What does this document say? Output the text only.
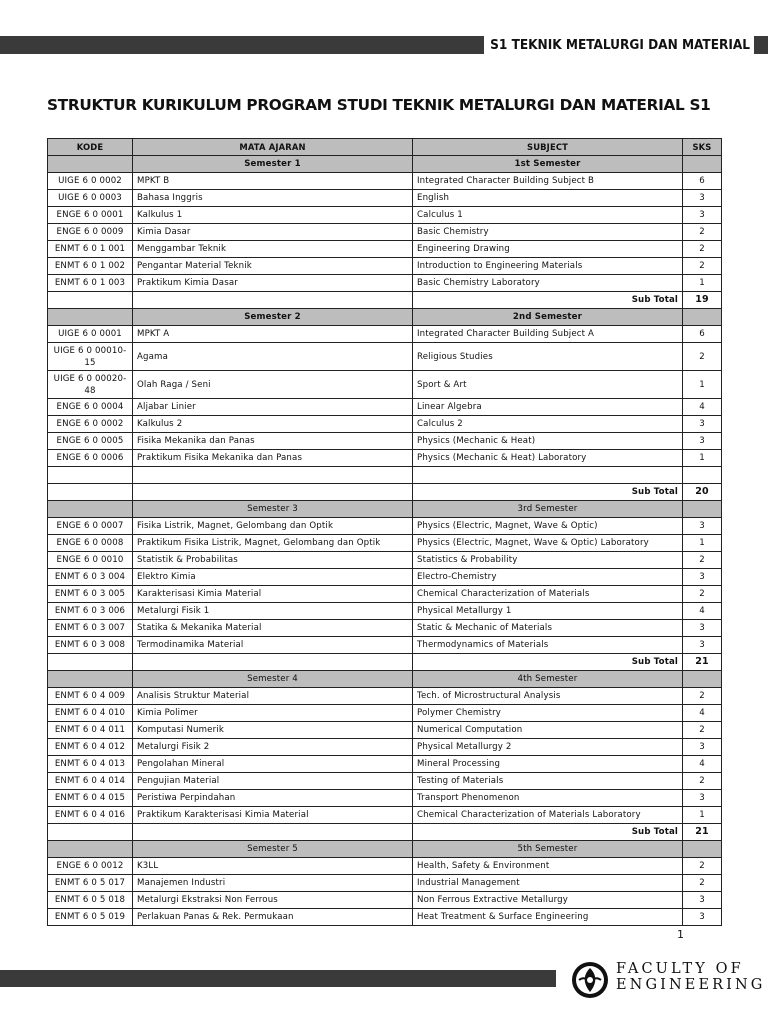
S1 TEKNIK METALURGI DAN MATERIAL
STRUKTUR KURIKULUM PROGRAM STUDI TEKNIK METALURGI DAN MATERIAL S1
KODE	MATA AJARAN	SUBJECT	SKS
	Semester 1	1st Semester	
UIGE 6 0 0002	MPKT B	Integrated Character Building Subject B	6
UIGE 6 0 0003	Bahasa Inggris	English	3
ENGE 6 0 0001	Kalkulus 1	Calculus 1	3
ENGE 6 0 0009	Kimia Dasar	Basic Chemistry	2
ENMT 6 0 1 001	Menggambar Teknik	Engineering Drawing	2
ENMT 6 0 1 002	Pengantar Material Teknik	Introduction to Engineering Materials	2
ENMT 6 0 1 003	Praktikum Kimia Dasar	Basic Chemistry Laboratory	1
		Sub Total	19
	Semester 2	2nd Semester	
UIGE 6 0 0001	MPKT A	Integrated Character Building Subject A	6
UIGE 6 0 00010-15	Agama	Religious Studies	2
UIGE 6 0 00020-48	Olah Raga / Seni	Sport & Art	1
ENGE 6 0 0004	Aljabar Linier	Linear Algebra	4
ENGE 6 0 0002	Kalkulus 2	Calculus 2	3
ENGE 6 0 0005	Fisika Mekanika dan Panas	Physics (Mechanic & Heat)	3
ENGE 6 0 0006	Praktikum Fisika Mekanika dan Panas	Physics (Mechanic & Heat) Laboratory	1

		Sub Total	20
	Semester 3	3rd Semester	
ENGE 6 0 0007	Fisika Listrik, Magnet, Gelombang dan Optik	Physics (Electric, Magnet, Wave & Optic)	3
ENGE 6 0 0008	Praktikum Fisika Listrik, Magnet, Gelombang dan Optik	Physics (Electric, Magnet, Wave & Optic) Laboratory	1
ENGE 6 0 0010	Statistik & Probabilitas	Statistics & Probability	2
ENMT 6 0 3 004	Elektro Kimia	Electro-Chemistry	3
ENMT 6 0 3 005	Karakterisasi Kimia Material	Chemical Characterization of Materials	2
ENMT 6 0 3 006	Metalurgi Fisik 1	Physical Metallurgy 1	4
ENMT 6 0 3 007	Statika & Mekanika Material	Static & Mechanic of Materials	3
ENMT 6 0 3 008	Termodinamika Material	Thermodynamics of Materials	3
		Sub Total	21
	Semester 4	4th Semester	
ENMT 6 0 4 009	Analisis Struktur Material	Tech. of Microstructural Analysis	2
ENMT 6 0 4 010	Kimia Polimer	Polymer Chemistry	4
ENMT 6 0 4 011	Komputasi Numerik	Numerical Computation	2
ENMT 6 0 4 012	Metalurgi Fisik 2	Physical Metallurgy 2	3
ENMT 6 0 4 013	Pengolahan Mineral	Mineral Processing	4
ENMT 6 0 4 014	Pengujian Material	Testing of Materials	2
ENMT 6 0 4 015	Peristiwa Perpindahan	Transport Phenomenon	3
ENMT 6 0 4 016	Praktikum Karakterisasi Kimia Material	Chemical Characterization of Materials Laboratory	1
		Sub Total	21
	Semester 5	5th Semester	
ENGE 6 0 0012	K3LL	Health, Safety & Environment	2
ENMT 6 0 5 017	Manajemen Industri	Industrial Management	2
ENMT 6 0 5 018	Metalurgi Ekstraksi Non Ferrous	Non Ferrous Extractive Metallurgy	3
ENMT 6 0 5 019	Perlakuan Panas & Rek. Permukaan	Heat Treatment & Surface Engineering	3
1
FACULTY OF
ENGINEERING
